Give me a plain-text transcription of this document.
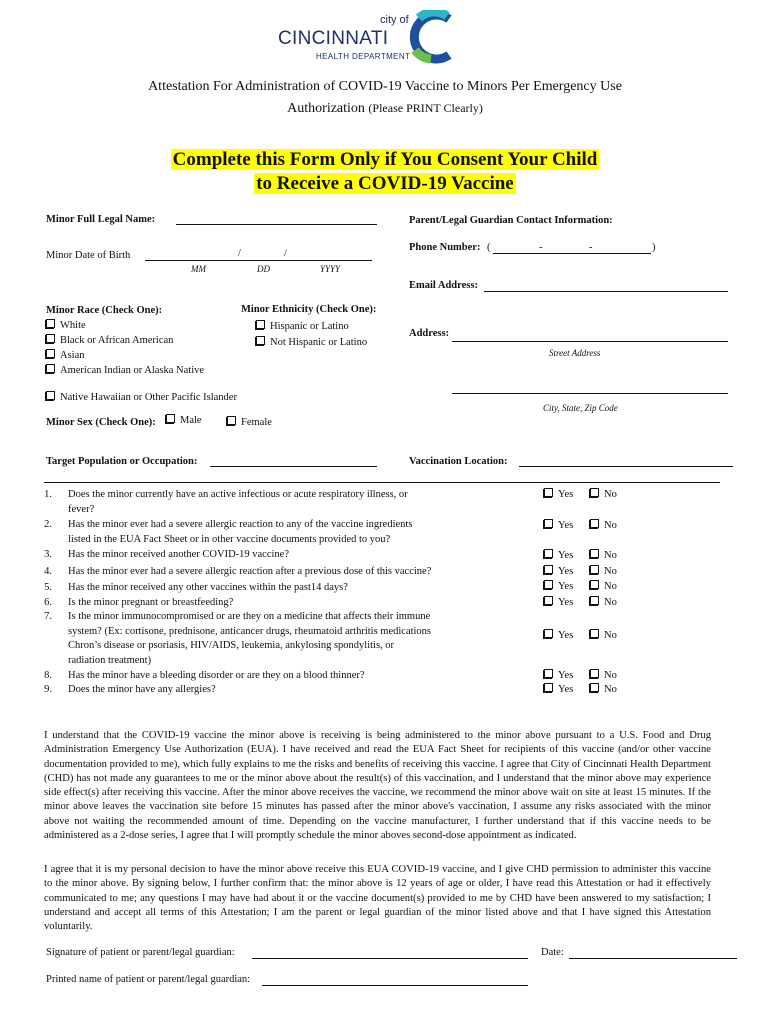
city of
CINCINNATI
HEALTH DEPARTMENT
Attestation For Administration of COVID-19 Vaccine to Minors Per Emergency Use
Authorization (Please PRINT Clearly)
Complete this Form Only if You Consent Your Child
to Receive a COVID-19 Vaccine
Minor Full Legal Name:
Minor Date of Birth	/	/
MM	DD	YYYY
Minor Race (Check One):
White
Black or African American
Asian
American Indian or Alaska Native
Native Hawaiian or Other Pacific Islander
Minor Ethnicity (Check One):
Hispanic or Latino
Not Hispanic or Latino
Minor Sex (Check One):	Male	Female
Target Population or Occupation:
Parent/Legal Guardian Contact Information:
Phone Number: (	-	-	)
Email Address:
Address:
Street Address
City, State, Zip Code
Vaccination Location:
1. Does the minor currently have an active infectious or acute respiratory illness, or
fever?
Yes	No
2. Has the minor ever had a severe allergic reaction to any of the vaccine ingredients
listed in the EUA Fact Sheet or in other vaccine documents provided to you?
Yes	No
3. Has the minor received another COVID-19 vaccine?	Yes	No
4. Has the minor ever had a severe allergic reaction after a previous dose of this vaccine?	Yes	No
5. Has the minor received any other vaccines within the past14 days?	Yes	No
6. Is the minor pregnant or breastfeeding?	Yes	No
7. Is the minor immunocompromised or are they on a medicine that affects their immune
system? (Ex: cortisone, prednisone, anticancer drugs, rheumatoid arthritis medications
Chron’s disease or psoriasis, HIV/AIDS, leukemia, ankylosing spondylitis, or
radiation treatment)
Yes	No
8. Has the minor have a bleeding disorder or are they on a blood thinner?	Yes	No
9. Does the minor have any allergies?	Yes	No
I understand that the COVID-19 vaccine the minor above is receiving is being administered to the minor above pursuant to a U.S. Food and Drug Administration Emergency Use Authorization (EUA). I have received and read the EUA Fact Sheet for recipients of this vaccine (and/or other vaccine documentation provided to me), which fully explains to me the risks and benefits of receiving this vaccine. I agree that City of Cincinnati Health Department (CHD) has not made any guarantees to me or the minor above about the result(s) of this vaccination, and I understand that the minor above may experience side effect(s) after receiving this vaccine. After the minor above receives the vaccine, we recommend the minor above wait on site at least 15 minutes. If the minor above leaves the vaccination site before 15 minutes has passed after the minor above's vaccination, I assume any risks associated with the minor above not waiting the recommended amount of time. Depending on the vaccine manufacturer, I further understand that if this vaccine needs to be administered as a 2-dose series, I agree that I will promptly schedule the minor aboves second-dose appointment as indicated.
I agree that it is my personal decision to have the minor above receive this EUA COVID-19 vaccine, and I give CHD permission to administer this vaccine to the minor above. By signing below, I further confirm that: the minor above is 12 years of age or older, I have read this Attestation or had it effectively communicated to me; any questions I may have had about it or the vaccine document(s) provided to me by CHD have been answered to my satisfaction; I understand and accept all terms of this Attestation; I am the parent or legal guardian of the minor listed above and that I have signed this Attestation voluntarily.
Signature of patient or parent/legal guardian:	Date:
Printed name of patient or parent/legal guardian:
